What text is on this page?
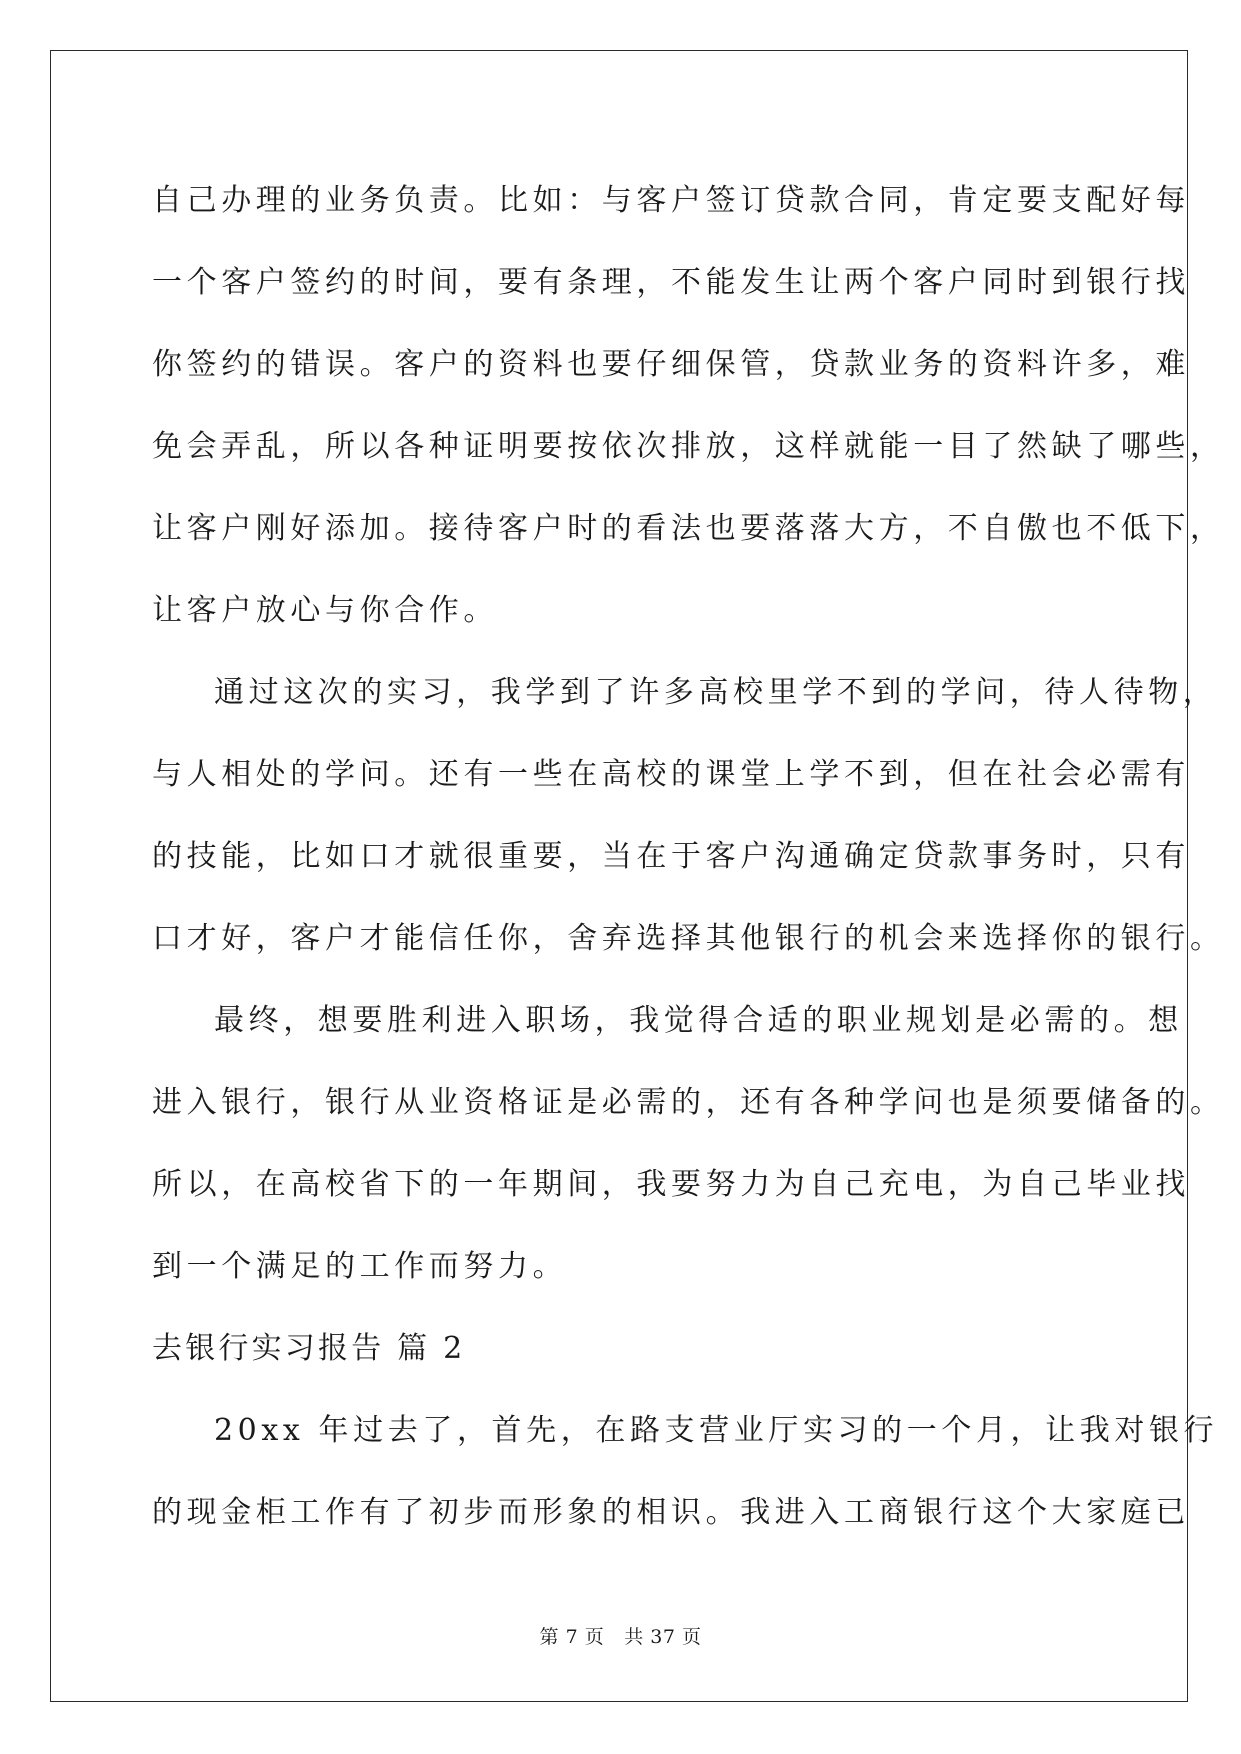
自己办理的业务负责。比如：与客户签订贷款合同，肯定要支配好每
一个客户签约的时间，要有条理，不能发生让两个客户同时到银行找
你签约的错误。客户的资料也要仔细保管，贷款业务的资料许多，难
免会弄乱，所以各种证明要按依次排放，这样就能一目了然缺了哪些，
让客户刚好添加。接待客户时的看法也要落落大方，不自傲也不低下，
让客户放心与你合作。
通过这次的实习，我学到了许多高校里学不到的学问，待人待物，
与人相处的学问。还有一些在高校的课堂上学不到，但在社会必需有
的技能，比如口才就很重要，当在于客户沟通确定贷款事务时，只有
口才好，客户才能信任你，舍弃选择其他银行的机会来选择你的银行。
最终，想要胜利进入职场，我觉得合适的职业规划是必需的。想
进入银行，银行从业资格证是必需的，还有各种学问也是须要储备的。
所以，在高校省下的一年期间，我要努力为自己充电，为自己毕业找
到一个满足的工作而努力。
去银行实习报告 篇 2
20xx 年过去了，首先，在路支营业厅实习的一个月，让我对银行
的现金柜工作有了初步而形象的相识。我进入工商银行这个大家庭已
第 7 页 共 37 页
